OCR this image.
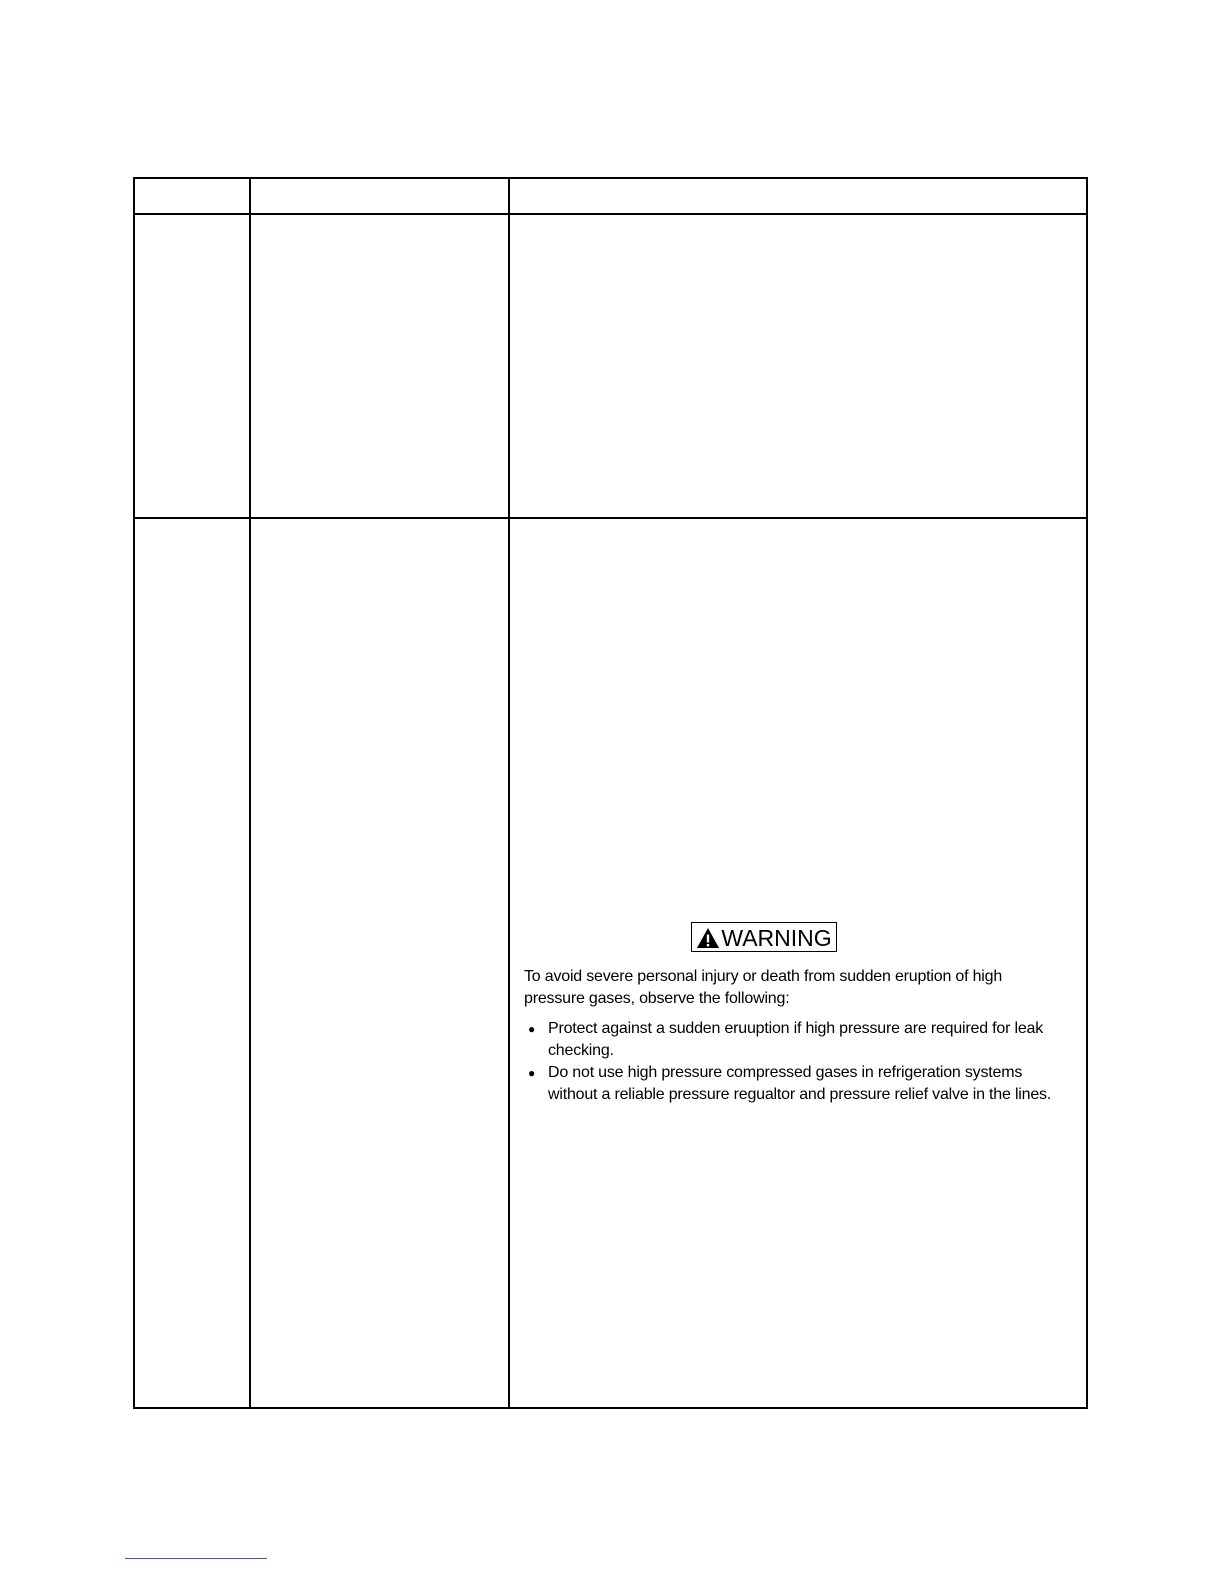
WARNING
To avoid severe personal injury or death from sudden eruption of high pressure gases, observe the following:
● Protect against a sudden eruuption if high pressure are required for leak checking.
● Do not use high pressure compressed gases in refrigeration systems without a reliable pressure regualtor and pressure relief valve in the lines.
